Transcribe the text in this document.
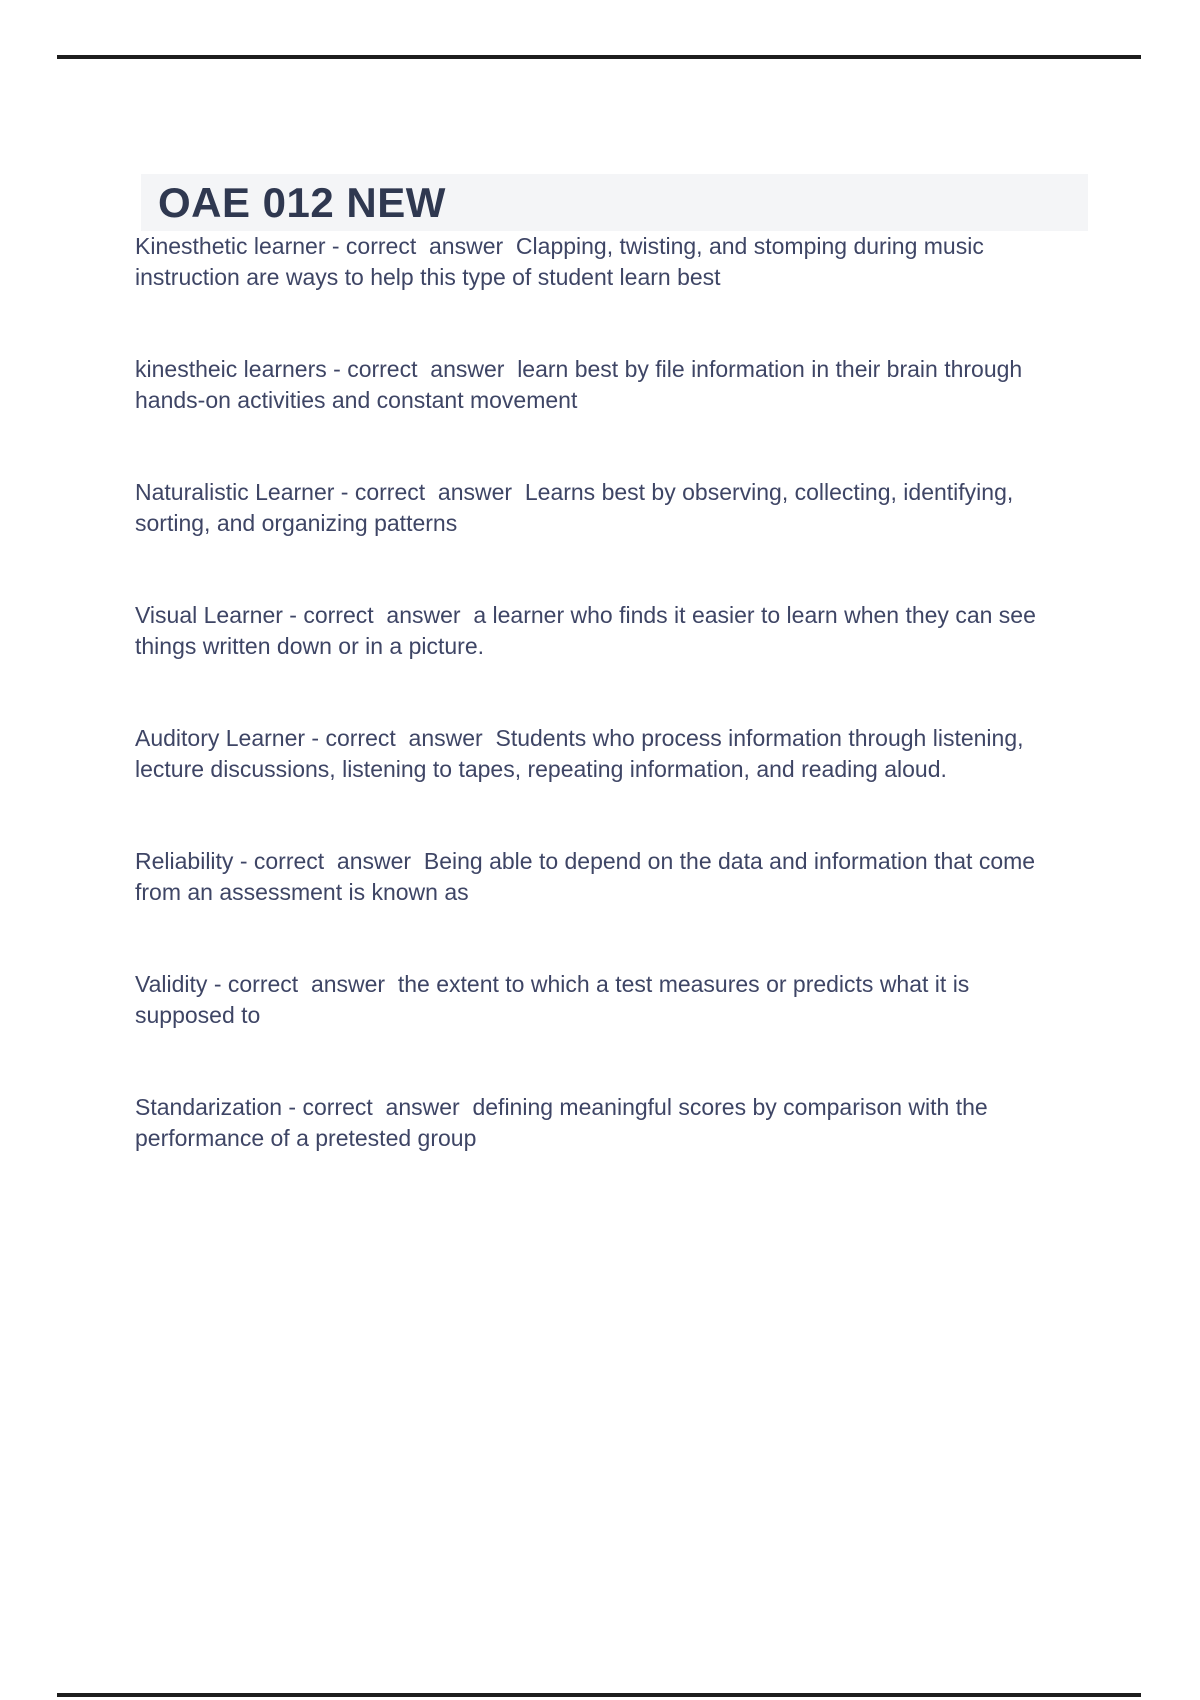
OAE 012 NEW

Kinesthetic learner - correct  answer  Clapping, twisting, and stomping during music instruction are ways to help this type of student learn best

kinestheic learners - correct  answer  learn best by file information in their brain through hands-on activities and constant movement

Naturalistic Learner - correct  answer  Learns best by observing, collecting, identifying, sorting, and organizing patterns

Visual Learner - correct  answer  a learner who finds it easier to learn when they can see things written down or in a picture.

Auditory Learner - correct  answer  Students who process information through listening, lecture discussions, listening to tapes, repeating information, and reading aloud.

Reliability - correct  answer  Being able to depend on the data and information that come from an assessment is known as

Validity - correct  answer  the extent to which a test measures or predicts what it is supposed to

Standarization - correct  answer  defining meaningful scores by comparison with the performance of a pretested group
